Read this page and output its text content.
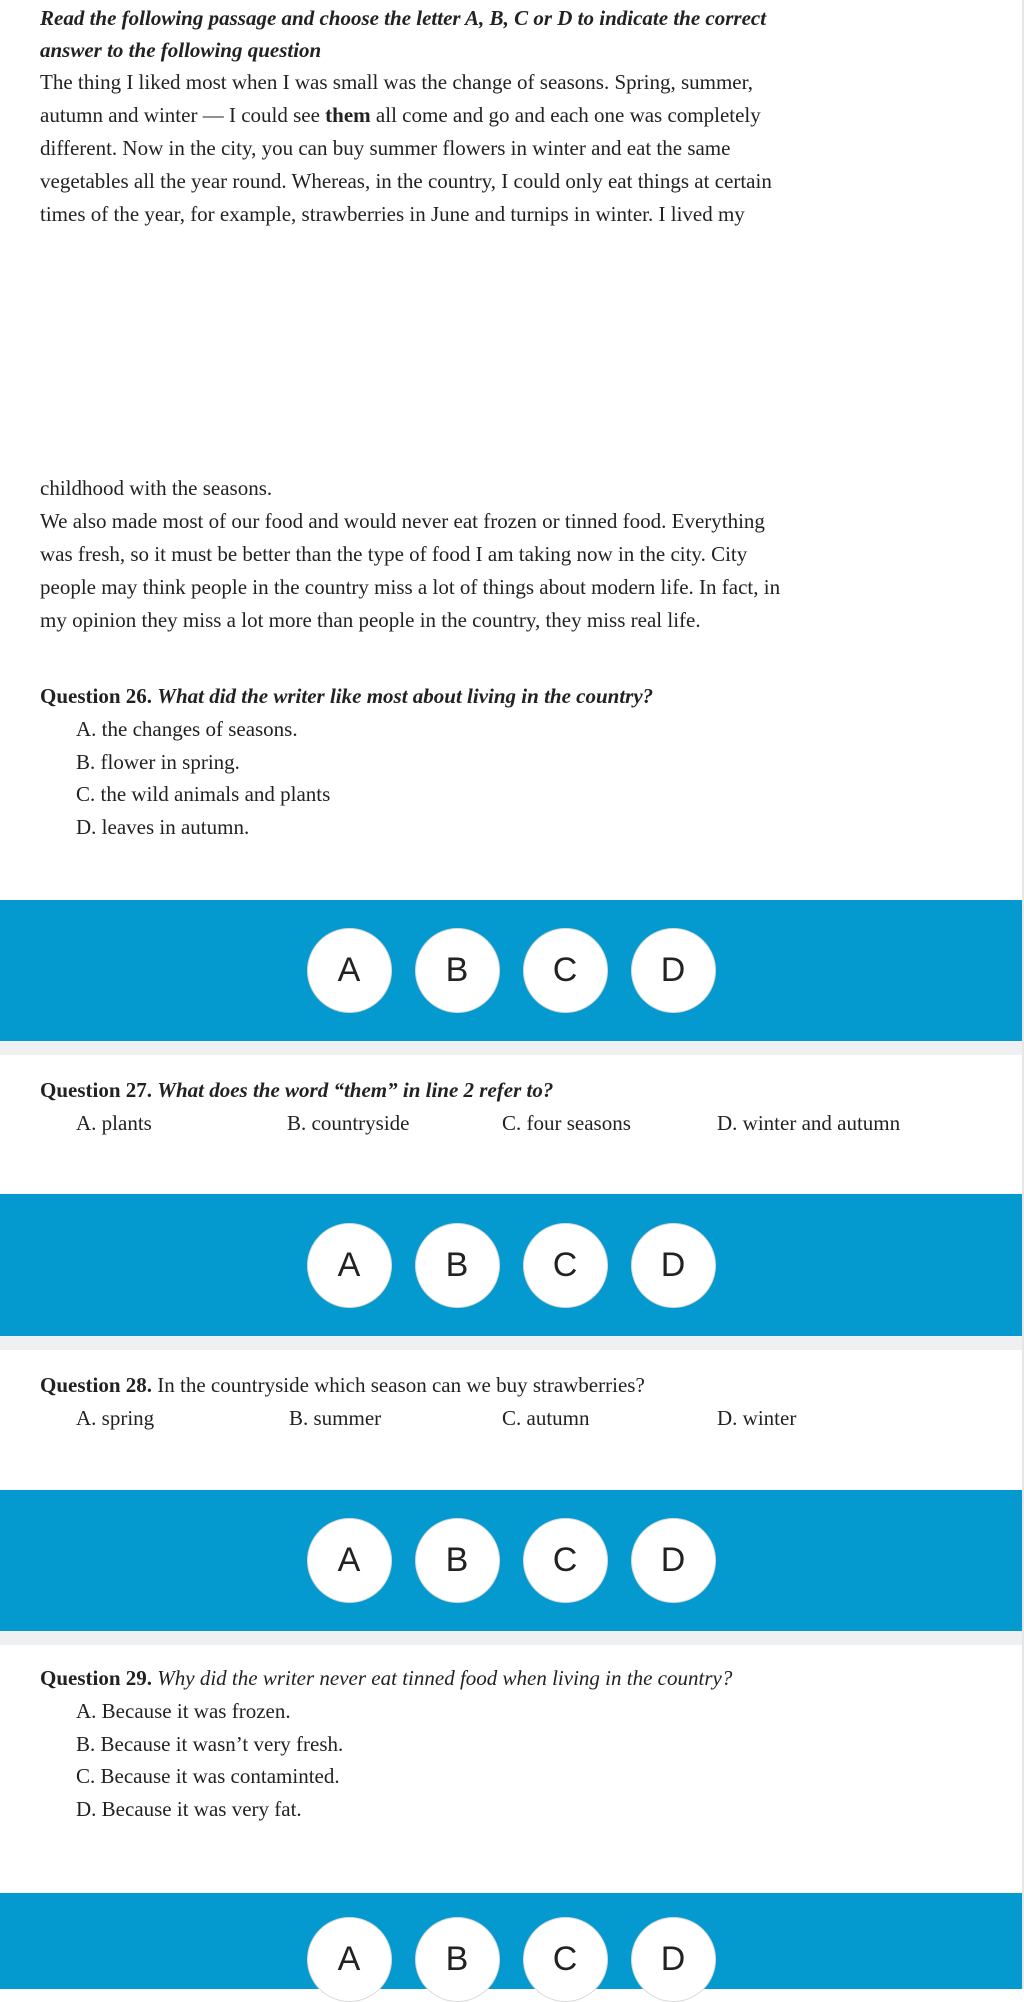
Read the following passage and choose the letter A, B, C or D to indicate the correct
answer to the following question
The thing I liked most when I was small was the change of seasons. Spring, summer,
autumn and winter — I could see them all come and go and each one was completely
different. Now in the city, you can buy summer flowers in winter and eat the same
vegetables all the year round. Whereas, in the country, I could only eat things at certain
times of the year, for example, strawberries in June and turnips in winter. I lived my
childhood with the seasons.
We also made most of our food and would never eat frozen or tinned food. Everything
was fresh, so it must be better than the type of food I am taking now in the city. City
people may think people in the country miss a lot of things about modern life. In fact, in
my opinion they miss a lot more than people in the country, they miss real life.
Question 26. What did the writer like most about living in the country?
A. the changes of seasons.
B. flower in spring.
C. the wild animals and plants
D. leaves in autumn.
A	B	C	D
Question 27. What does the word “them” in line 2 refer to?
A. plants	B. countryside	C. four seasons	D. winter and autumn
A	B	C	D
Question 28. In the countryside which season can we buy strawberries?
A. spring	B. summer	C. autumn	D. winter
A	B	C	D
Question 29. Why did the writer never eat tinned food when living in the country?
A. Because it was frozen.
B. Because it wasn’t very fresh.
C. Because it was contaminted.
D. Because it was very fat.
A	B	C	D
